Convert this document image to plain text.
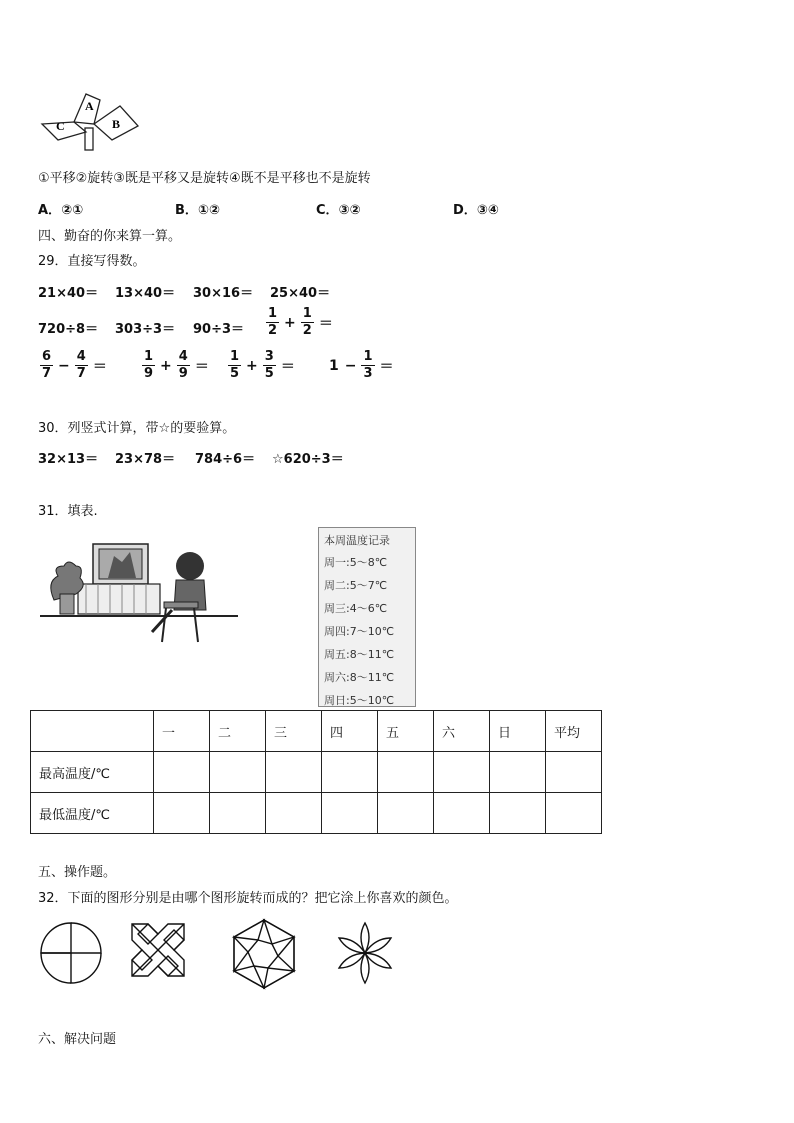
A
B
C
①平移②旋转③既是平移又是旋转④既不是平移也不是旋转
A．②①	B．①②	C．③②	D．③④
四、勤奋的你来算一算。
29．直接写得数。
21×40＝ 13×40＝ 30×16＝ 25×40＝
$720\div 8= 303\div 3= 90\div 3= \frac{1}{2} + \frac{1}{2}$ ＝
$\frac{6}{7} - \frac{4}{7}$ ＝	$\frac{1}{9} + \frac{4}{9} = \frac{1}{5} + \frac{3}{5} = 1 - \frac{1}{3}$ ＝
30．列竖式计算，带☆的要验算。
32×13＝ 23×78＝ 784÷6＝ ☆620÷3＝
31．填表.
本周温度记录
周一:5～8℃
周二:5～7℃
周三:4～6℃
周四:7～10℃
周五:8～11℃
周六:8～11℃
周日:5～10℃
	一	二	三	四	五	六	日	平均
最高温度/℃								
最低温度/℃								
五、操作题。
32．下面的图形分别是由哪个图形旋转而成的？把它涂上你喜欢的颜色。
六、解决问题
